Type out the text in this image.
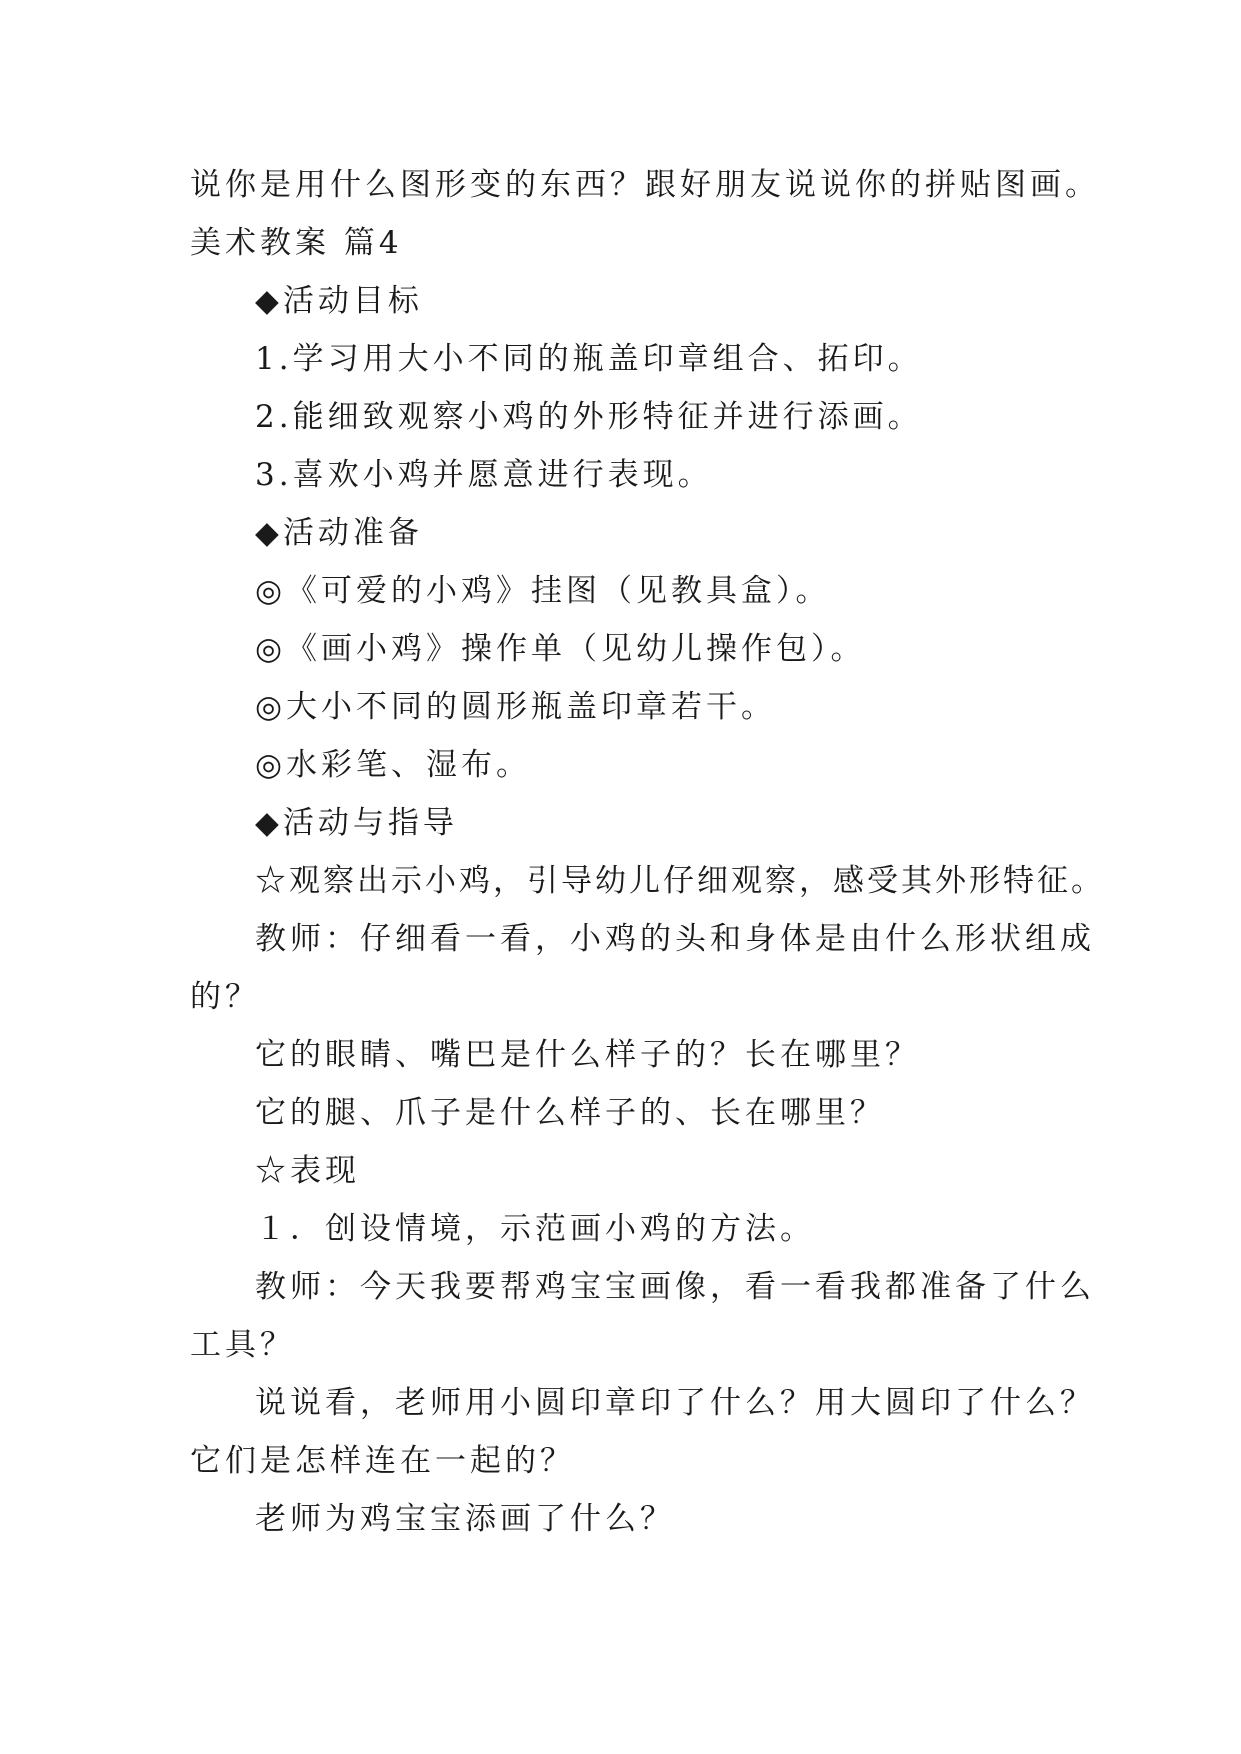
说你是用什么图形变的东西？跟好朋友说说你的拼贴图画。
美术教案 篇4
◆活动目标
1.学习用大小不同的瓶盖印章组合、拓印。
2.能细致观察小鸡的外形特征并进行添画。
3.喜欢小鸡并愿意进行表现。
◆活动准备
◎《可爱的小鸡》挂图（见教具盒）。
◎《画小鸡》操作单（见幼儿操作包）。
◎大小不同的圆形瓶盖印章若干。
◎水彩笔、湿布。
◆活动与指导
☆观察出示小鸡，引导幼儿仔细观察，感受其外形特征。
教师：仔细看一看，小鸡的头和身体是由什么形状组成
的？
它的眼睛、嘴巴是什么样子的？长在哪里？
它的腿、爪子是什么样子的、长在哪里？
☆表现
１．创设情境，示范画小鸡的方法。
教师：今天我要帮鸡宝宝画像，看一看我都准备了什么
工具？
说说看，老师用小圆印章印了什么？用大圆印了什么？
它们是怎样连在一起的？
老师为鸡宝宝添画了什么？
